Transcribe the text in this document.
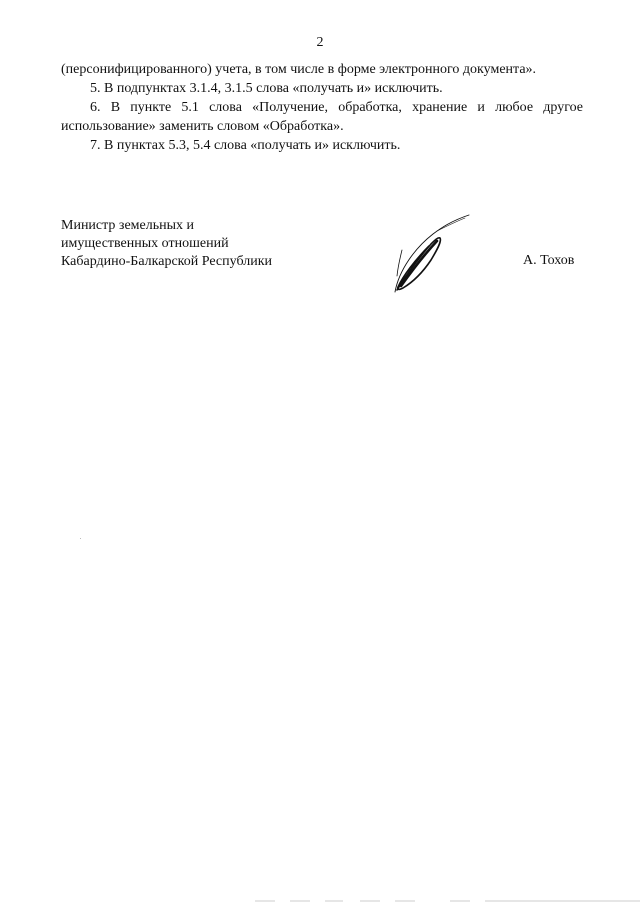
2

(персонифицированного) учета, в том числе в форме электронного документа».

5. В подпунктах 3.1.4, 3.1.5 слова «получать и» исключить.

6. В пункте 5.1 слова «Получение, обработка, хранение и любое другое

использование» заменить словом «Обработка».

7. В пунктах 5.3, 5.4 слова «получать и» исключить.

Министр земельных и
имущественных отношений
Кабардино-Балкарской Республики	А. Тохов
